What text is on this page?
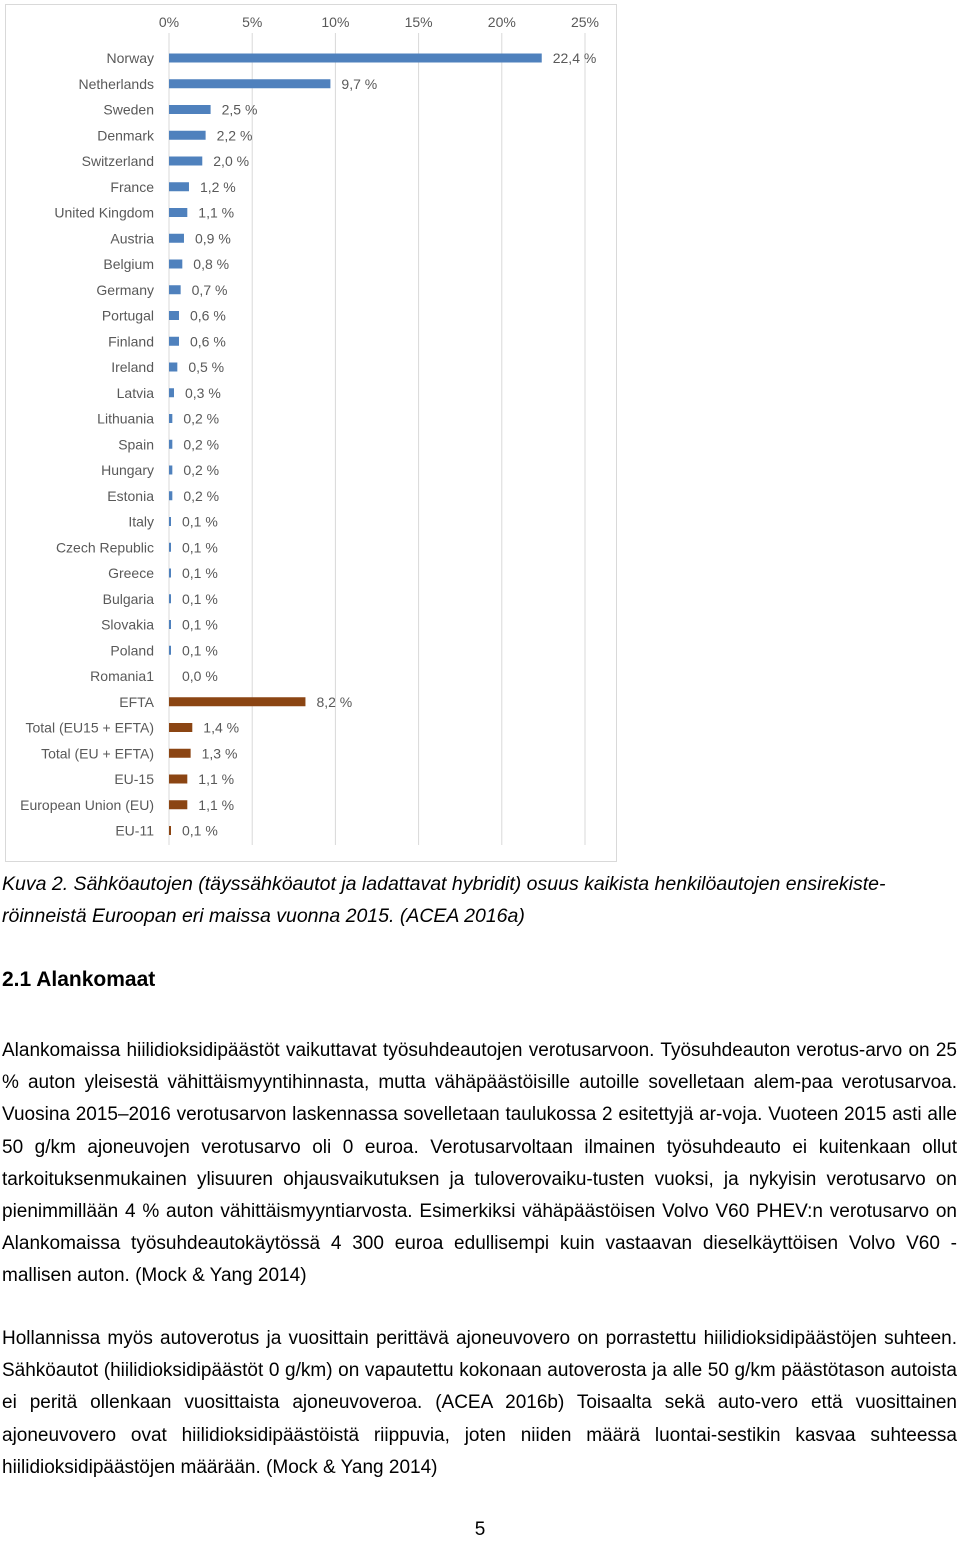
0%	5%	10%	15%	20%	25%
Norway	22,4 %
Netherlands	9,7 %
Sweden	2,5 %
Denmark	2,2 %
Switzerland	2,0 %
France	1,2 %
United Kingdom	1,1 %
Austria	0,9 %
Belgium	0,8 %
Germany	0,7 %
Portugal	0,6 %
Finland	0,6 %
Ireland 0,5 %
Latvia 0,3 %
Lithuania 0,2 %
Spain 0,2 %
Hungary 0,2 %
Estonia 0,2 %
Italy 0,1 %
Czech Republic 0,1 %
Greece 0,1 %
Bulgaria 0,1 %
Slovakia 0,1 %
Poland 0,1 %
Romania1 0,0 %
EFTA	8,2 %
Total (EU15 + EFTA)	1,4 %
Total (EU + EFTA)	1,3 %
EU-15	1,1 %
European Union (EU)	1,1 %
EU-11 0,1 %

Kuva 2. Sähköautojen (täyssähköautot ja ladattavat hybridit) osuus kaikista henkilöautojen ensirekiste-röinneistä Euroopan eri maissa vuonna 2015. (ACEA 2016a)

2.1 Alankomaat

Alankomaissa hiilidioksidipäästöt vaikuttavat työsuhdeautojen verotusarvoon. Työsuhdeauton verotus-arvo on 25 % auton yleisestä vähittäismyyntihinnasta, mutta vähäpäästöisille autoille sovelletaan alem-paa verotusarvoa. Vuosina 2015–2016 verotusarvon laskennassa sovelletaan taulukossa 2 esitettyjä ar-voja. Vuoteen 2015 asti alle 50 g/km ajoneuvojen verotusarvo oli 0 euroa. Verotusarvoltaan ilmainen työsuhdeauto ei kuitenkaan ollut tarkoituksenmukainen ylisuuren ohjausvaikutuksen ja tuloverovaiku-tusten vuoksi, ja nykyisin verotusarvo on pienimmillään 4 % auton vähittäismyyntiarvosta. Esimerkiksi vähäpäästöisen Volvo V60 PHEV:n verotusarvo on Alankomaissa työsuhdeautokäytössä 4 300 euroa edullisempi kuin vastaavan dieselkäyttöisen Volvo V60 -mallisen auton. (Mock & Yang 2014)

Hollannissa myös autoverotus ja vuosittain perittävä ajoneuvovero on porrastettu hiilidioksidipäästöjen suhteen. Sähköautot (hiilidioksidipäästöt 0 g/km) on vapautettu kokonaan autoverosta ja alle 50 g/km päästötason autoista ei peritä ollenkaan vuosittaista ajoneuvoveroa. (ACEA 2016b) Toisaalta sekä auto-vero että vuosittainen ajoneuvovero ovat hiilidioksidipäästöistä riippuvia, joten niiden määrä luontai-sestikin kasvaa suhteessa hiilidioksidipäästöjen määrään. (Mock & Yang 2014)

5
